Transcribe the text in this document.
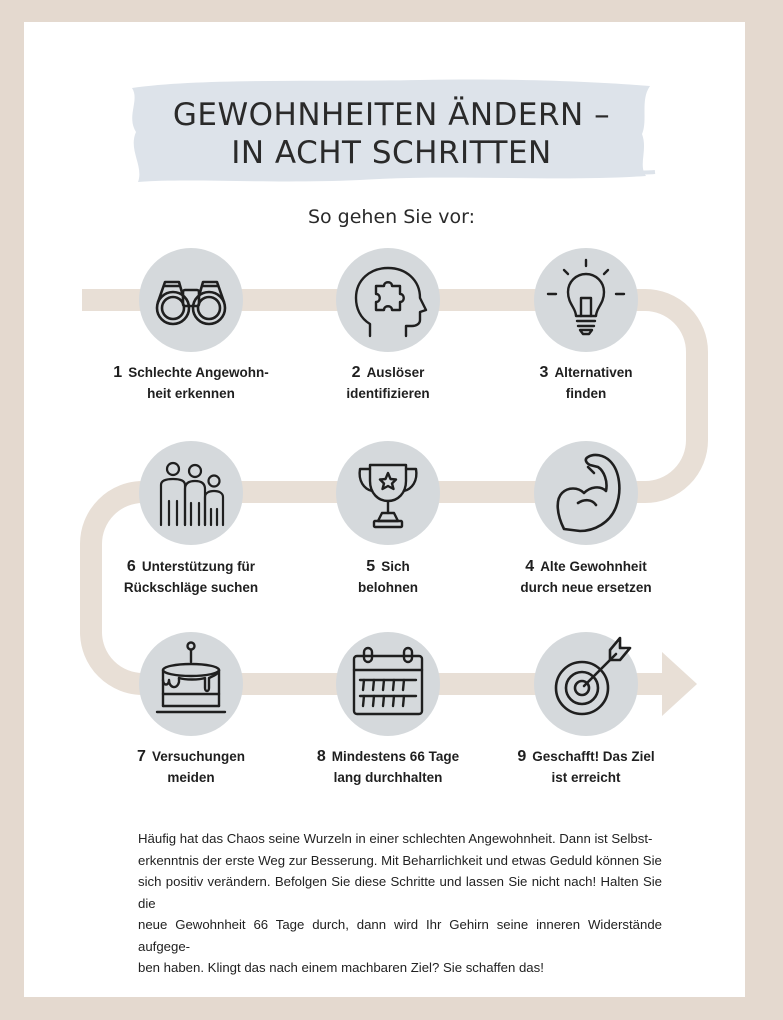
GEWOHNHEITEN ÄNDERN –
IN ACHT SCHRITTEN
So gehen Sie vor:
1 Schlechte Angewohn-
heit erkennen
2 Auslöser
identifizieren
3 Alternativen
finden
6 Unterstützung für
Rückschläge suchen
5 Sich
belohnen
4 Alte Gewohnheit
durch neue ersetzen
7 Versuchungen
meiden
8 Mindestens 66 Tage
lang durchhalten
9 Geschafft! Das Ziel
ist erreicht
Häufig hat das Chaos seine Wurzeln in einer schlechten Angewohnheit. Dann ist Selbst-
erkenntnis der erste Weg zur Besserung. Mit Beharrlichkeit und etwas Geduld können Sie
sich positiv verändern. Befolgen Sie diese Schritte und lassen Sie nicht nach! Halten Sie die
neue Gewohnheit 66 Tage durch, dann wird Ihr Gehirn seine inneren Widerstände aufgege-
ben haben. Klingt das nach einem machbaren Ziel? Sie schaffen das!
